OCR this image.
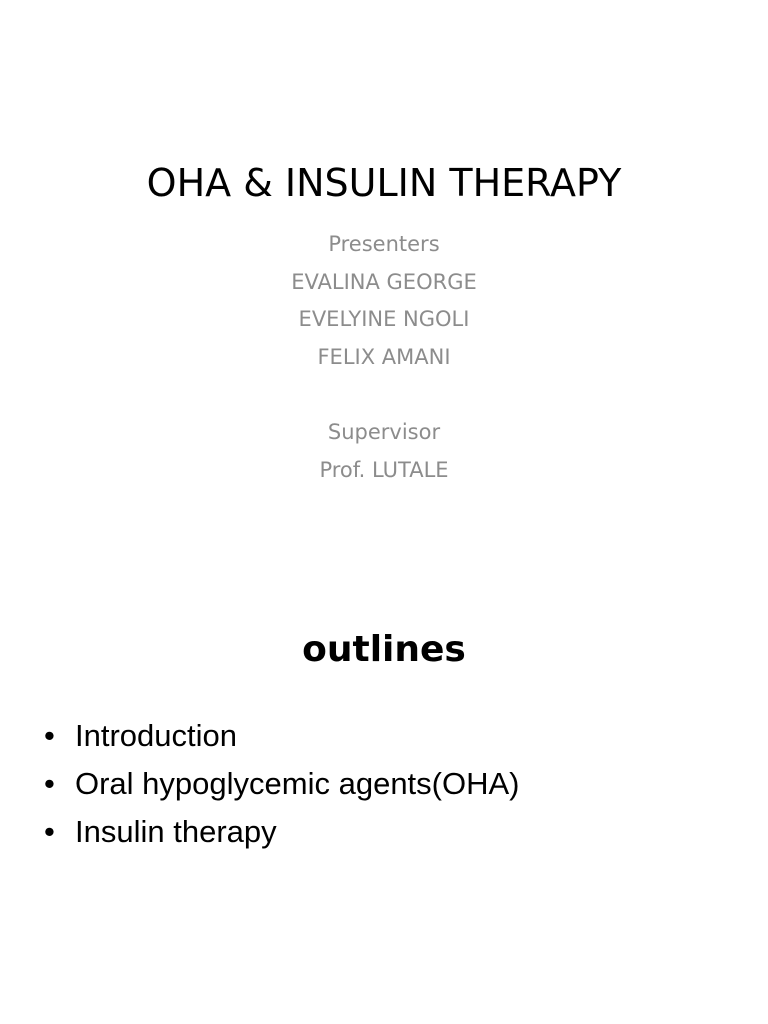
OHA & INSULIN THERAPY
Presenters
EVALINA GEORGE
EVELYINE NGOLI
FELIX AMANI
Supervisor
Prof. LUTALE
outlines
• Introduction
• Oral hypoglycemic agents(OHA)
• Insulin therapy
